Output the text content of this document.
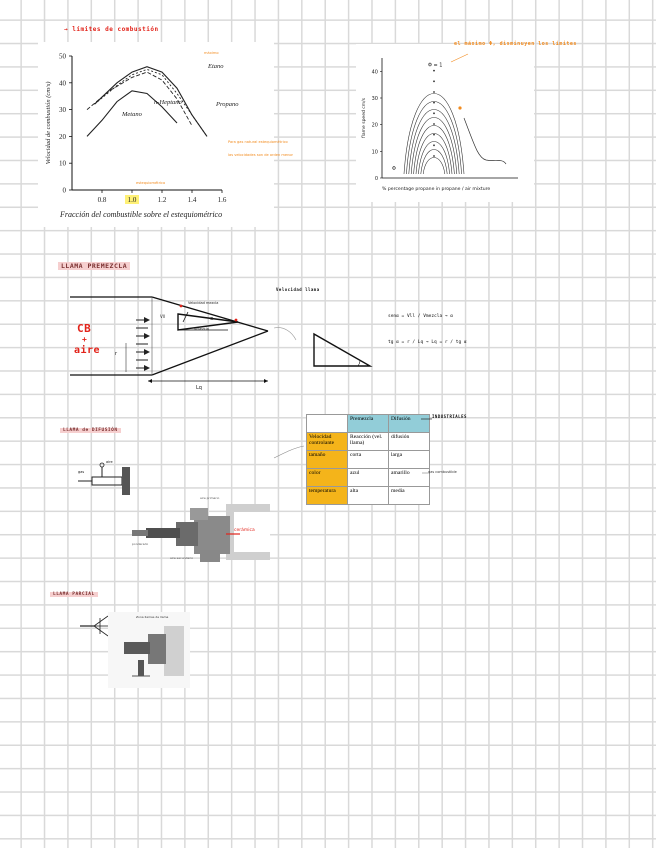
→ límites de combustión
0
10
20
30
40
50
0.8	1.0	1.2	1.4	1.6
Velocidad de combustión (cm/s)
Etano
n-Heptano	Propano
Metano
Fracción del combustible sobre el estequiométrico
Para gas natural estequiométrico
las velocidades son de orden menor
estequiométrico
máximo
0
10
20
30
40
flame speed cm/s
% percentage propane in propane / air mixture
Φ = 1
Φ
el máximo Φ, disminuyen los límites
LLAMA PREMEZCLA
Lq
r
Vll
Vmezcla
Velocidad mezcla
α
CB
+
aire
Velocidad llama
senα = Vll / Vmezcla → α
tg α = r / Lq → Lq = r / tg α
	Premezcla	Difusión
Velocidad controlante	Reacción (vel. llama)	difusión
tamaño	corta	larga
color	azul	amarillo
temperatura	alta	media
INDUSTRIALES
gas combustible
LLAMA de DIFUSIÓN
gas
aire
cerámica
aire primario
aire secundario
ponderado
LLAMA PARCIAL
Zona llamas de llama
